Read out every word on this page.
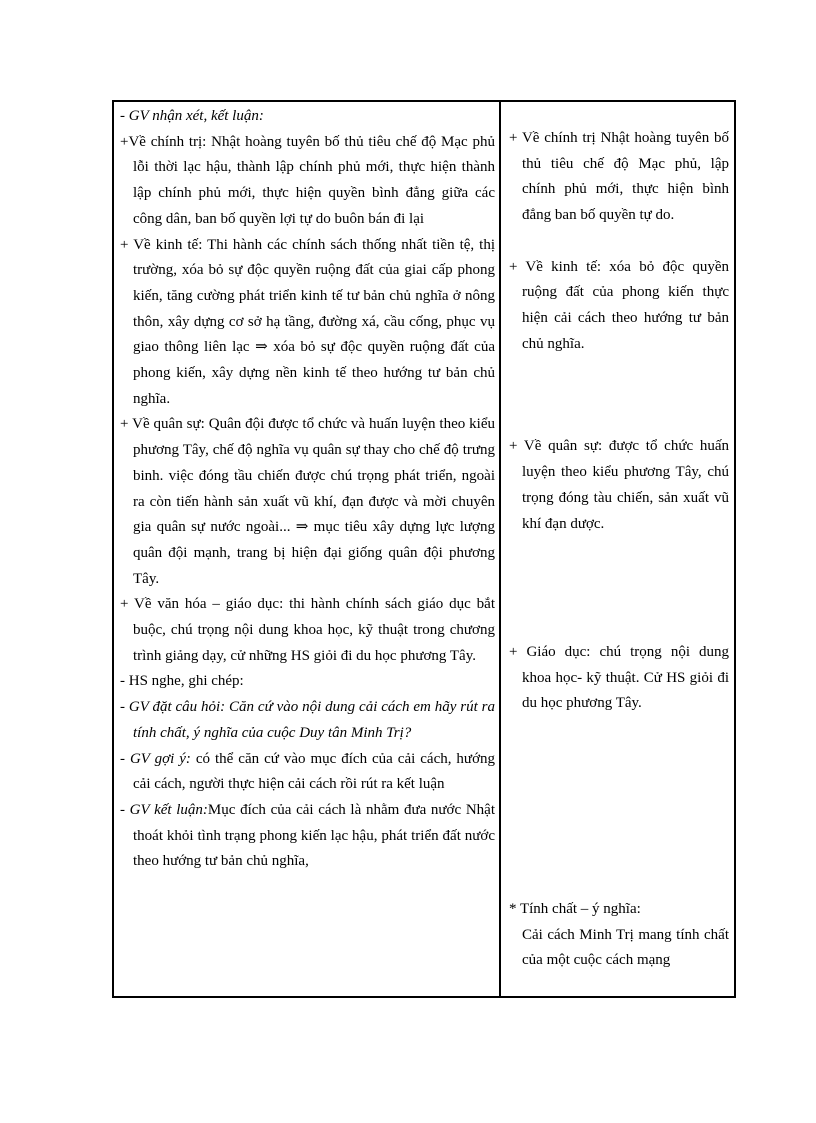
- GV nhận xét, kết luận:

+Về chính trị: Nhật hoàng tuyên bố thủ tiêu chế độ Mạc phủ lỗi thời lạc hậu, thành lập chính phủ mới, thực hiện thành lập chính phủ mới, thực hiện quyền bình đẳng giữa các công dân, ban bố quyền lợi tự do buôn bán đi lại

+ Về kinh tế: Thi hành các chính sách thống nhất tiền tệ, thị trường, xóa bỏ sự độc quyền ruộng đất của giai cấp phong kiến, tăng cường phát triển kinh tế tư bản chủ nghĩa ở nông thôn, xây dựng cơ sở hạ tầng, đường xá, cầu cống, phục vụ giao thông liên lạc ⇒ xóa bỏ sự độc quyền ruộng đất của phong kiến, xây dựng nền kinh tế theo hướng tư bản chủ nghĩa.

+ Về quân sự: Quân đội được tổ chức và huấn luyện theo kiểu phương Tây, chế độ nghĩa vụ quân sự thay cho chế độ trưng binh. việc đóng tầu chiến được chú trọng phát triển, ngoài ra còn tiến hành sản xuất vũ khí, đạn được và mời chuyên gia quân sự nước ngoài... ⇒ mục tiêu xây dựng lực lượng quân đội mạnh, trang bị hiện đại giống quân đội phương Tây.

+ Về văn hóa – giáo dục: thi hành chính sách giáo dục bắt buộc, chú trọng nội dung khoa học, kỹ thuật trong chương trình giảng dạy, cử những HS giỏi đi du học phương Tây.

- HS nghe, ghi chép:

- GV đặt câu hỏi: Căn cứ vào nội dung cải cách em hãy rút ra tính chất, ý nghĩa của cuộc Duy tân Minh Trị?

- GV gợi ý: có thể căn cứ vào mục đích của cải cách, hướng cải cách, người thực hiện cải cách rồi rút ra kết luận

- GV kết luận:Mục đích của cải cách là nhằm đưa nước Nhật thoát khỏi tình trạng phong kiến lạc hậu, phát triển đất nước theo hướng tư bản chủ nghĩa,

+ Về chính trị Nhật hoàng tuyên bố thủ tiêu chế độ Mạc phủ, lập chính phủ mới, thực hiện bình đẳng ban bố quyền tự do.

+ Về kinh tế: xóa bỏ độc quyền ruộng đất của phong kiến thực hiện cải cách theo hướng tư bản chủ nghĩa.

+ Về quân sự: được tổ chức huấn luyện theo kiểu phương Tây, chú trọng đóng tàu chiến, sản xuất vũ khí đạn dược.

+ Giáo dục: chú trọng nội dung khoa học- kỹ thuật. Cử HS giỏi đi du học phương Tây.

* Tính chất – ý nghĩa:

Cải cách Minh Trị mang tính chất của một cuộc cách mạng
